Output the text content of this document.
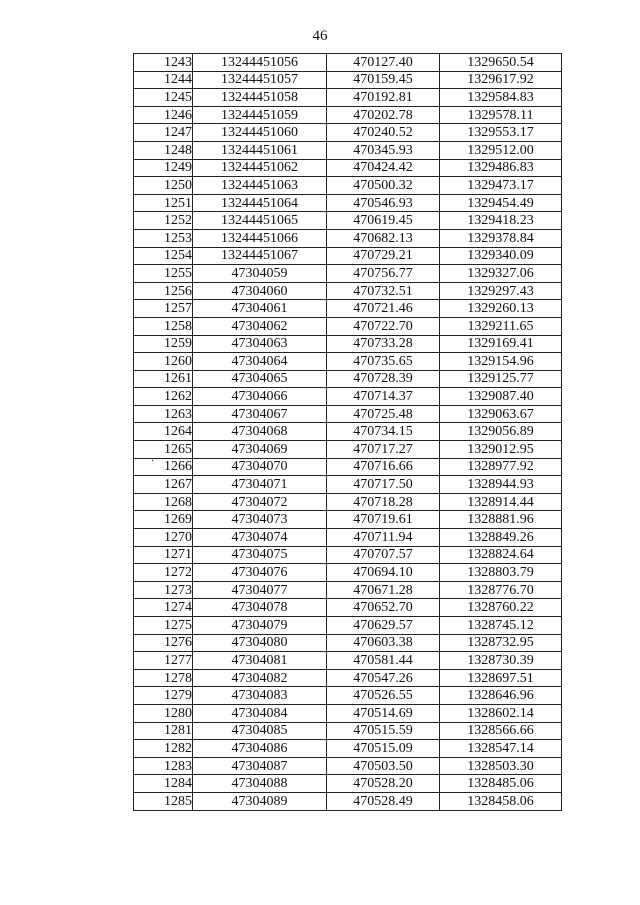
46
·
1243	13244451056	470127.40	1329650.54
1244	13244451057	470159.45	1329617.92
1245	13244451058	470192.81	1329584.83
1246	13244451059	470202.78	1329578.11
1247	13244451060	470240.52	1329553.17
1248	13244451061	470345.93	1329512.00
1249	13244451062	470424.42	1329486.83
1250	13244451063	470500.32	1329473.17
1251	13244451064	470546.93	1329454.49
1252	13244451065	470619.45	1329418.23
1253	13244451066	470682.13	1329378.84
1254	13244451067	470729.21	1329340.09
1255	47304059	470756.77	1329327.06
1256	47304060	470732.51	1329297.43
1257	47304061	470721.46	1329260.13
1258	47304062	470722.70	1329211.65
1259	47304063	470733.28	1329169.41
1260	47304064	470735.65	1329154.96
1261	47304065	470728.39	1329125.77
1262	47304066	470714.37	1329087.40
1263	47304067	470725.48	1329063.67
1264	47304068	470734.15	1329056.89
1265	47304069	470717.27	1329012.95
1266	47304070	470716.66	1328977.92
1267	47304071	470717.50	1328944.93
1268	47304072	470718.28	1328914.44
1269	47304073	470719.61	1328881.96
1270	47304074	470711.94	1328849.26
1271	47304075	470707.57	1328824.64
1272	47304076	470694.10	1328803.79
1273	47304077	470671.28	1328776.70
1274	47304078	470652.70	1328760.22
1275	47304079	470629.57	1328745.12
1276	47304080	470603.38	1328732.95
1277	47304081	470581.44	1328730.39
1278	47304082	470547.26	1328697.51
1279	47304083	470526.55	1328646.96
1280	47304084	470514.69	1328602.14
1281	47304085	470515.59	1328566.66
1282	47304086	470515.09	1328547.14
1283	47304087	470503.50	1328503.30
1284	47304088	470528.20	1328485.06
1285	47304089	470528.49	1328458.06
